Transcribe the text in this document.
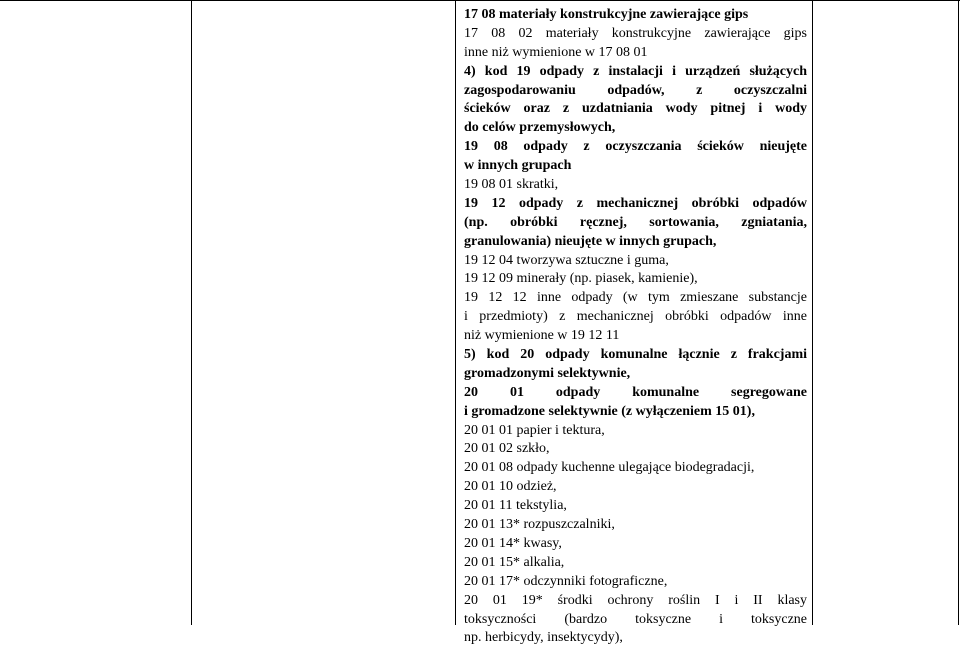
17 08 materiały konstrukcyjne zawierające gips
17 08 02 materiały konstrukcyjne zawierające gips
inne niż wymienione w 17 08 01
4) kod 19 odpady z instalacji i urządzeń służących
zagospodarowaniu odpadów, z oczyszczalni
ścieków oraz z uzdatniania wody pitnej i wody
do celów przemysłowych,
19 08 odpady z oczyszczania ścieków nieujęte
w innych grupach
19 08 01 skratki,
19 12 odpady z mechanicznej obróbki odpadów
(np. obróbki ręcznej, sortowania, zgniatania,
granulowania) nieujęte w innych grupach,
19 12 04 tworzywa sztuczne i guma,
19 12 09 minerały (np. piasek, kamienie),
19 12 12 inne odpady (w tym zmieszane substancje
i przedmioty) z mechanicznej obróbki odpadów inne
niż wymienione w 19 12 11
5) kod 20 odpady komunalne łącznie z frakcjami
gromadzonymi selektywnie,
20 01 odpady komunalne segregowane
i gromadzone selektywnie (z wyłączeniem 15 01),
20 01 01 papier i tektura,
20 01 02 szkło,
20 01 08 odpady kuchenne ulegające biodegradacji,
20 01 10 odzież,
20 01 11 tekstylia,
20 01 13* rozpuszczalniki,
20 01 14* kwasy,
20 01 15* alkalia,
20 01 17* odczynniki fotograficzne,
20 01 19* środki ochrony roślin I i II klasy
toksyczności (bardzo toksyczne i toksyczne
np. herbicydy, insektycydy),
